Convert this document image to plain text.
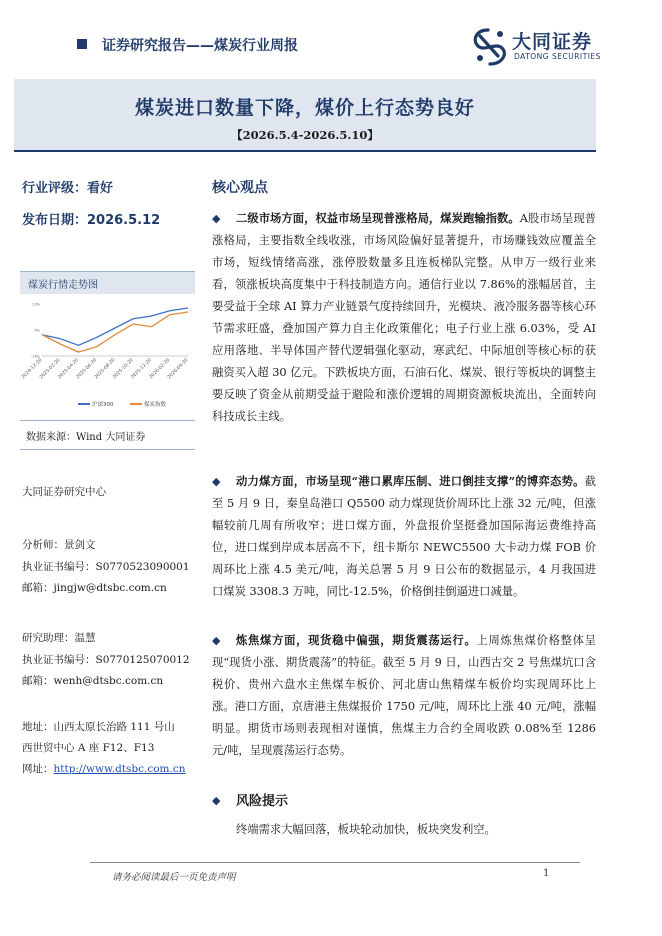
证券研究报告——煤炭行业周报	大同证券
DATONG SECURITIES
煤炭进口数量下降，煤价上行态势良好
【2026.5.4-2026.5.10】
行业评级：看好
发布日期：2026.5.12
煤炭行情走势图
-16%
4%
23%
2024-12-20
2025-02-20
2025-04-20
2025-06-20
2025-08-20
2025-10-20
2025-12-20
2026-02-20
2026-04-20
沪深300	煤炭指数
数据来源：Wind 大同证券
大同证券研究中心
分析师：景剑文
执业证书编号：S0770523090001
邮箱：jingjw@dtsbc.com.cn
研究助理：温慧
执业证书编号：S0770125070012
邮箱：wenh@dtsbc.com.cn
地址：山西太原长治路 111 号山
西世贸中心 A 座 F12、F13
网址：http://www.dtsbc.com.cn
核心观点
◆	二级市场方面，权益市场呈现普涨格局，煤炭跑输指数。A股市场呈现普涨格局，主要指数全线收涨，市场风险偏好显著提升，市场赚钱效应覆盖全市场，短线情绪高涨，涨停股数量多且连板梯队完整。从申万一级行业来看，领涨板块高度集中于科技制造方向。通信行业以 7.86%的涨幅居首，主要受益于全球 AI 算力产业链景气度持续回升，光模块、液冷服务器等核心环节需求旺盛，叠加国产算力自主化政策催化；电子行业上涨 6.03%，受 AI 应用落地、半导体国产替代逻辑强化驱动，寒武纪、中际旭创等核心标的获融资买入超 30 亿元。下跌板块方面，石油石化、煤炭、银行等板块的调整主要反映了资金从前期受益于避险和涨价逻辑的周期资源板块流出，全面转向科技成长主线。
◆	动力煤方面，市场呈现“港口累库压制、进口倒挂支撑”的博弈态势。截至 5 月 9 日，秦皇岛港口 Q5500 动力煤现货价周环比上涨 32 元/吨，但涨幅较前几周有所收窄；进口煤方面，外盘报价坚挺叠加国际海运费维持高位，进口煤到岸成本居高不下，纽卡斯尔 NEWC5500 大卡动力煤 FOB 价周环比上涨 4.5 美元/吨，海关总署 5 月 9 日公布的数据显示，4 月我国进口煤炭 3308.3 万吨，同比-12.5%，价格倒挂倒逼进口减量。
◆	炼焦煤方面，现货稳中偏强，期货震荡运行。上周炼焦煤价格整体呈现“现货小涨、期货震荡”的特征。截至 5 月 9 日，山西古交 2 号焦煤坑口含税价、贵州六盘水主焦煤车板价、河北唐山焦精煤车板价均实现周环比上涨。港口方面，京唐港主焦煤报价 1750 元/吨，周环比上涨 40 元/吨，涨幅明显。期货市场则表现相对谨慎，焦煤主力合约全周收跌 0.08%至 1286 元/吨，呈现震荡运行态势。
◆ 风险提示
终端需求大幅回落，板块轮动加快，板块突发利空。
请务必阅读最后一页免责声明	1
